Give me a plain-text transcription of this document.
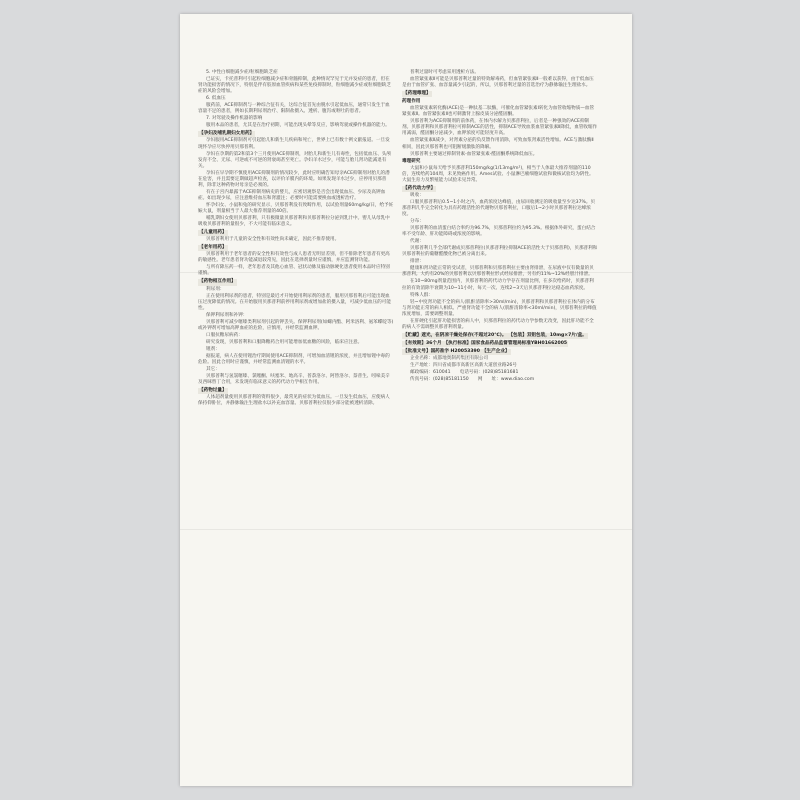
5. 中性白细胞减少症/粒细胞缺乏症

已证实，卡托普利可引起粒细胞减少症和骨髓抑制，此种情况罕见于无并发症的患者，但在肾功能损害的情况下，特别是伴有胶原血管疾病和某些免疫抑制时，粒细胞减少症或粒细胞缺乏症的风险会增加。

6. 低血压

服药前，ACE抑制剂与一种综合征有关，这综合征首先由脱水引起低血压，通常只发生于血容量不足的患者，例如长期利尿剂治疗、限制盐摄入、透析、腹泻或呕吐的患者。

7. 对驾驶及操作机器的影响

服用本品的患者，尤其是在治疗初期，可能出现头晕等反应，影响驾驶或操作机器的能力。

【孕妇及哺乳期妇女用药】

孕妇服用ACE抑制剂可引起胎儿和新生儿疾病和死亡，世界上已有数十例文献报道。一旦发现怀孕应尽快停用贝那普利。

孕妇在孕期的第2和第3个三月使用ACE抑制剂，对胎儿和新生儿有毒性，包括低血压、头颅发育不全、无尿、可逆或不可逆的肾衰竭甚至死亡。孕妇羊水过少，可能与胎儿肾功能减退有关。

孕妇在早孕期不慎使用ACE抑制剂的情况较少，此时应明确告知母亲ACE抑制剂对胎儿的潜在危害，并且需要定期做超声检查，以评价羊膜内的环境。如果发现羊水过少，应停用贝那普利，除非这种药物对母亲是必须的。

有在子宫内暴露于ACE抑制剂病史的婴儿，应密切观察是否会出现低血压、少尿及高钾血症。如出现少尿，应注意维持血压和肾灌注；必要时可能需要换血或透析治疗。

怀孕妇女、小鼠和兔的研究显示，贝那普利没有致畸作用，以试验剂量60mg/kg/日，给予妊娠大鼠，剂量相当于人最大推荐剂量的40倍。

哺乳期妇女使用贝那普利，只有极微量贝那普利和贝那普利拉分泌到乳汁中。婴儿从母乳中吸收贝那普利的量很少，不大可能有临床意义。

【儿童用药】

贝那普利用于儿童的安全性和有效性尚未确定，因此不推荐使用。

【老年用药】

贝那普利用于老年患者的安全性和有效性与成人患者无明显差别，但不排除老年患者有更高的敏感性。老年患者肾功能减退较常见，因此在选择剂量时应谨慎，并应监测肾功能。

与所有降压药一样，老年患者及其他心血管、冠状动脉及脑动脉硬化患者使用本品时应特别谨慎。

【药物相互作用】

利尿剂：

正在使用利尿剂的患者，特别是最近才开始使用利尿剂的患者，服用贝那普利后可能出现血压过度降低的情况。在开始服用贝那普利前停用利尿剂或增加盐的摄入量，可减少低血压的可能性。

保钾利尿剂和补钾：

贝那普利可减少噻嗪类利尿剂引起的钾丢失。保钾利尿剂(如螺内酯、阿米洛利、氨苯蝶啶等)或补钾剂可增加高钾血症的危险，应慎用，并经常监测血钾。

口服抗糖尿病药：

研究发现，贝那普利和口服降糖药合用可能增加低血糖的风险，临床应注意。

锂剂：

据报道，病人在使用锂治疗期间使用ACE抑制剂，可增加血清锂的浓度，并且增加锂中毒的危险。因此合用时应谨慎，并经常监测血清锂的水平。

其它：

贝那普利与氢氯噻嗪、氯噻酮、呋塞米、地高辛、普萘洛尔、阿替洛尔、萘普生、吲哚美辛及西咪替丁合用，未发现有临床意义的药代动力学相互作用。

【药物过量】

人体超剂量使用贝那普利的资料很少，最常见的症状为低血压。一旦发生低血压，应使病人保持仰卧位，并静脉输注生理盐水以补充血容量。贝那普利拉仅很少部分能被透析清除。

普利过量时可考虑采用透析方法。

血管紧张素Ⅱ可能是贝那普利过量的特效解毒药，但血管紧张素Ⅱ一般难以获得，由于低血压是由于血管扩张、血容量减少引起的，所以，贝那普利过量的首选治疗为静脉输注生理盐水。

【药理毒理】
药理作用

血管紧张素转化酶(ACE)是一种肽基二肽酶，可催化血管紧张素Ⅰ转化为血管收缩物质—血管紧张素Ⅱ。血管紧张素Ⅱ也可刺激肾上腺皮质分泌醛固酮。

贝那普利为ACE抑制剂的前体药，在体内水解为贝那普利拉，后者是一种强效的ACE抑制剂。贝那普利和贝那普利拉可抑制ACE的活性，抑制ACE导致血浆血管紧张素Ⅱ降低，血管收缩作用减弱，醛固酮分泌减少，血钾浓度可能轻度升高。

血管紧张素Ⅱ减少，对肾素分泌的负反馈作用消除，可致血浆肾素活性增加。ACE与激肽酶Ⅱ相同，因此贝那普利也可阻断缓激肽的降解。

贝那普利主要通过抑制肾素-血管紧张素-醛固酮系统降低血压。

毒理研究

大鼠和小鼠每天给予贝那普利150mg/kg(1/13mg/m²)，相当于人体最大推荐剂量的110倍，连续给药104周，未见致癌作用。Ames试验、小鼠淋巴瘤细胞试验和微核试验均为阴性。大鼠生育力及繁殖能力试验未见异常。

【药代动力学】

吸收：

口服贝那普利后0.5~1小时之内，血药浓度达峰值，由尿回收测定的吸收量至少达37%。贝那普利几乎完全转化为具有药理活性的代谢物贝那普利拉，口服后1~2小时贝那普利拉达峰浓度。

分布：

贝那普利的血清蛋白结合率约为96.7%，贝那普利拉约为95.3%。根据体外研究，蛋白结合率不受年龄、肝功能障碍或浓度的影响。

代谢：

贝那普利几乎全部代谢成贝那普利拉(贝那普利拉抑制ACE的活性大于贝那普利)，贝那普利和贝那普利拉的葡糖醛酸化物已被分离出来。

排泄：

健康和肾功能正常的受试者，贝那普利和贝那普利拉主要由肾排泄，在尿液中仅有微量的贝那普利。大约有20%的贝那普利以贝那普利拉形式经尿排泄，另有约11%~12%经胆汁排泄。

在10~80mg剂量范围内，贝那普利的药代动力学存在剂量比例，在多次给药时，贝那普利拉的有效消除半衰期为10~11小时，每天一次、连续2~3天后贝那普利拉达稳态血药浓度。

特殊人群：

轻~中度肾功能不全的病人(肌酐清除率>30ml/min)，贝那普利和贝那普利拉在体内的分布与肾功能正常的病人相似。严重肾功能不全的病人(肌酐清除率<30ml/min)，贝那普利拉的峰值浓度增加，需要调整剂量。

在肝硬化引起肝功能损害的病人中，贝那普利拉的药代动力学参数无改变，因此肝功能不全的病人不需调整贝那普利剂量。

【贮藏】遮光，在阴凉干燥处保存(不超过20℃)。 【包装】双铝包装，10mg×7片/盒。【有效期】36个月 【执行标准】国家食品药品监督管理局标准YBH01662005【批准文号】国药准字 H20053390 【生产企业】

企业名称：成都地奥制药集团有限公司

生产地址：四川省成都市高新区高新大道创业路26号

邮政编码：610041　　电话号码：(028)85181681

传真号码：(028)85181150　　网　　址：www.diao.com
